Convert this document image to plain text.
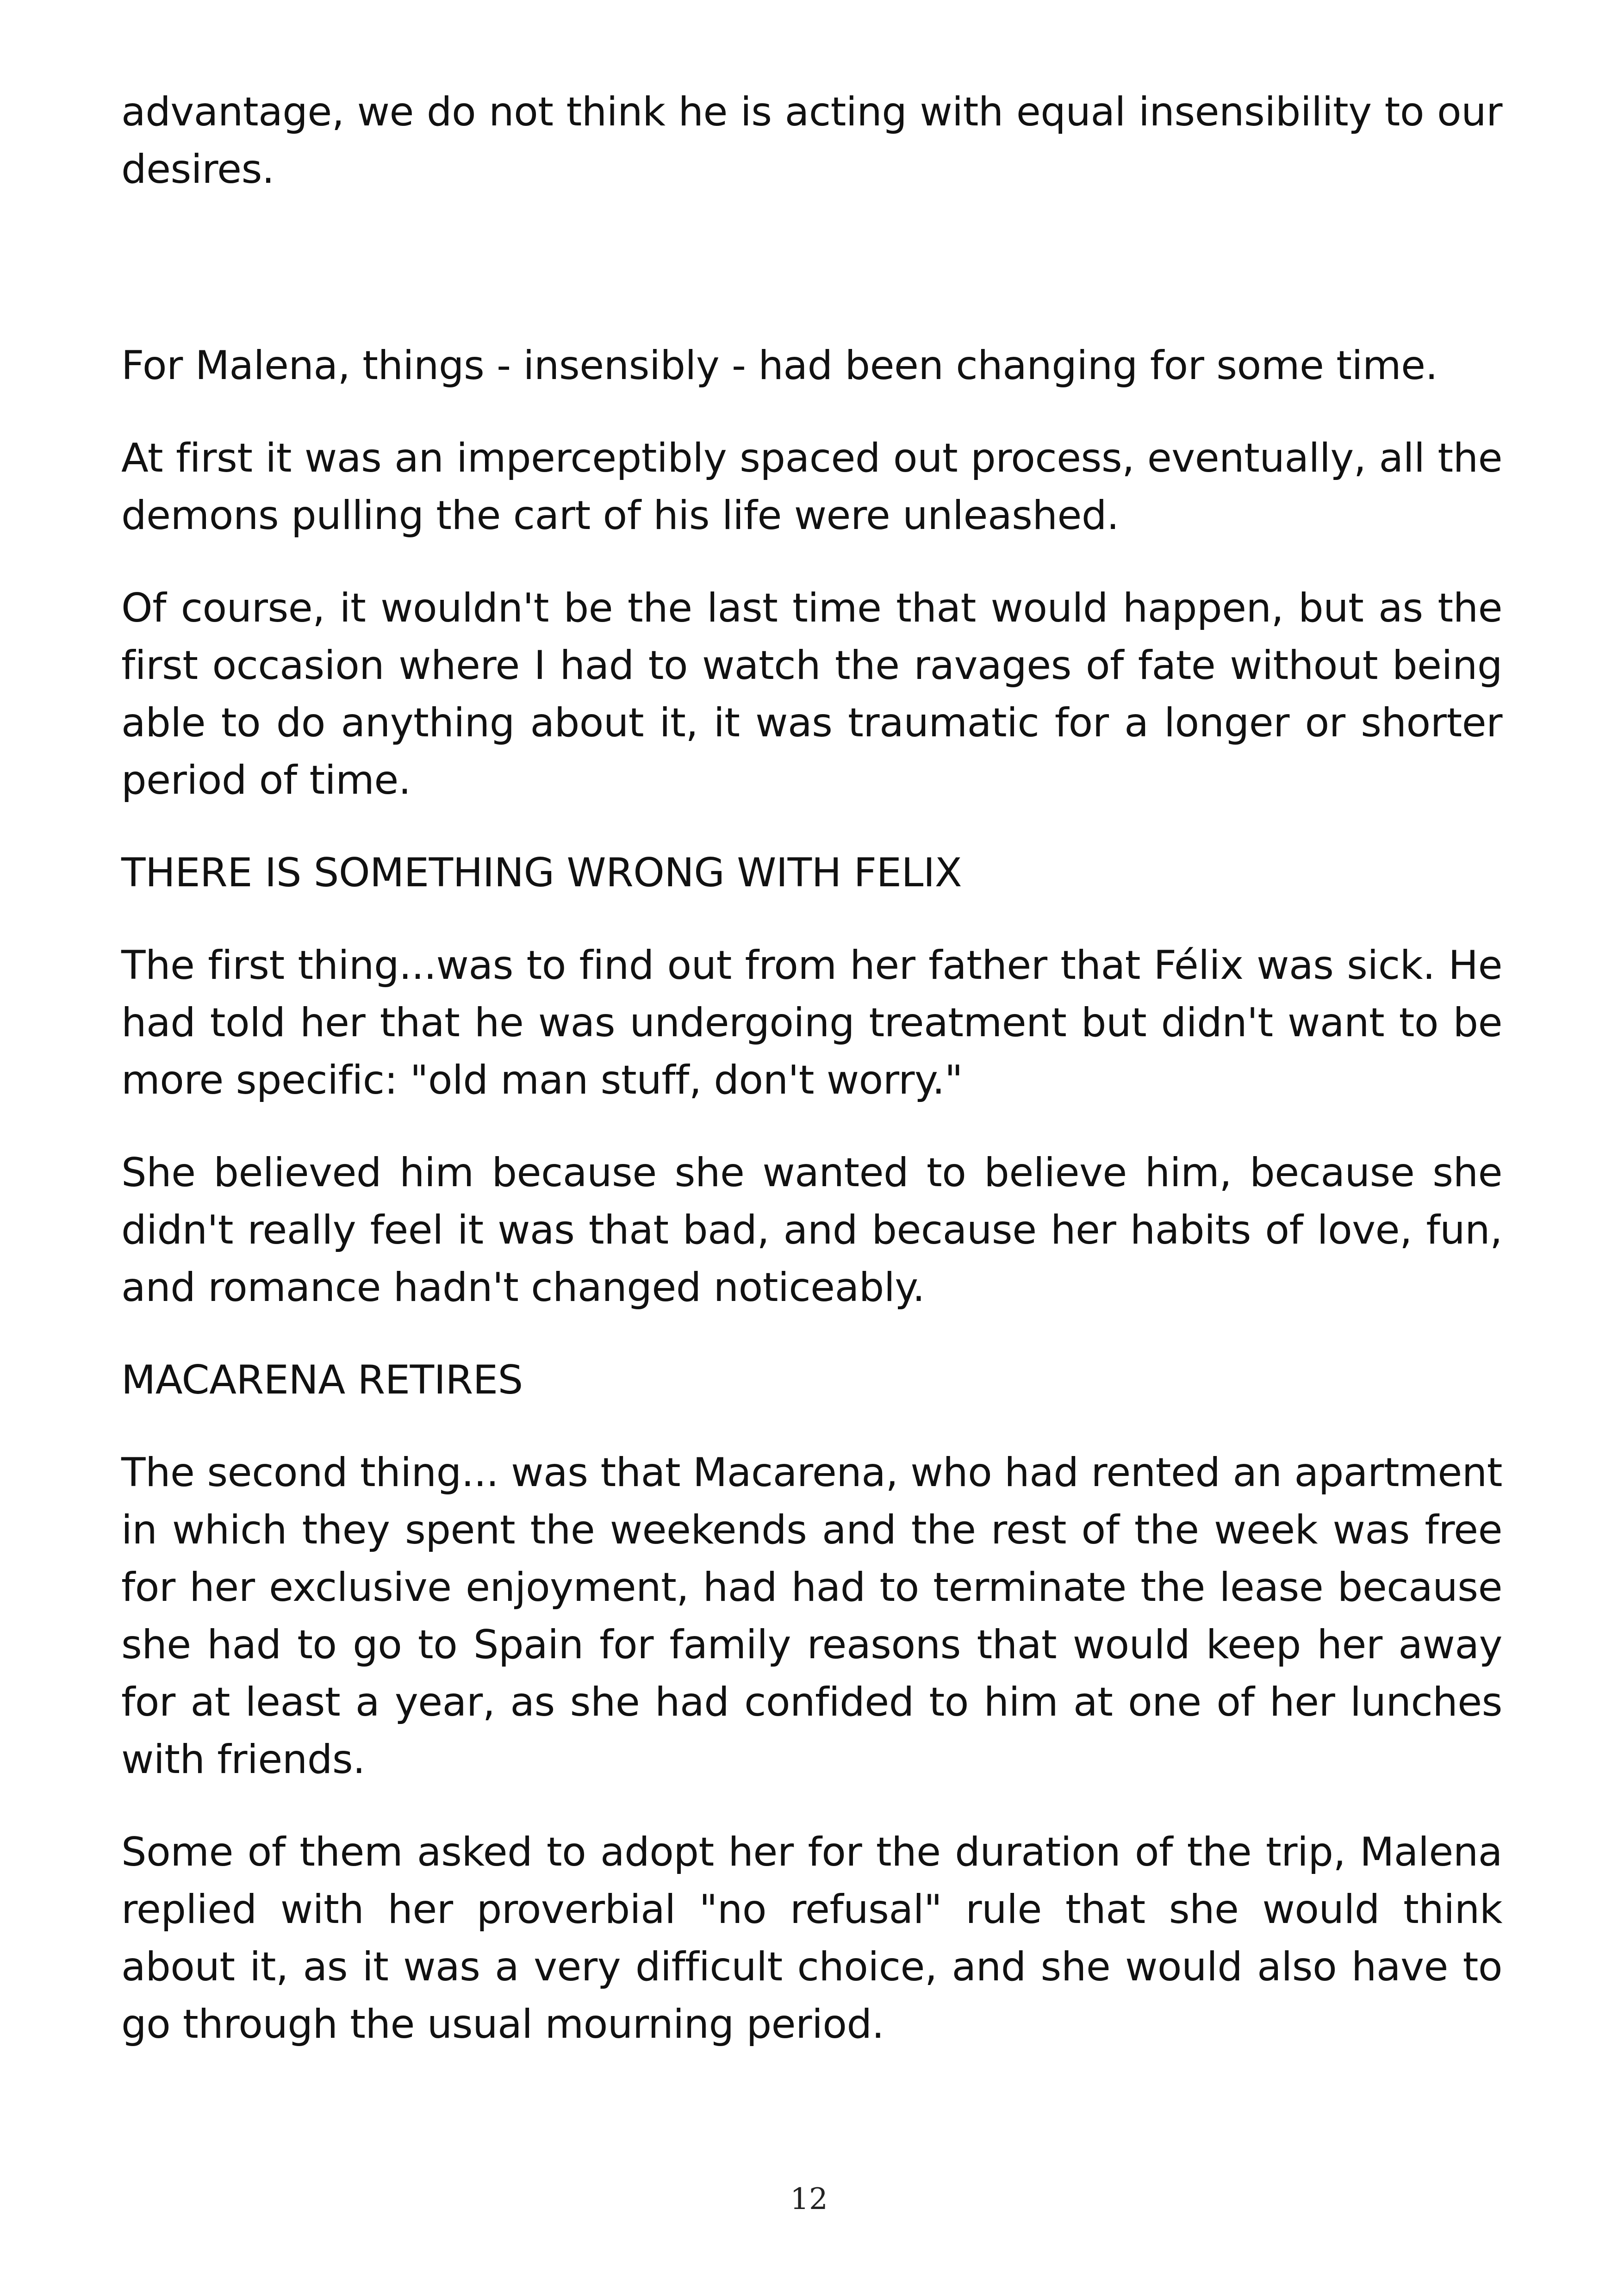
advantage, we do not think he is acting with equal insensibility to our desires.

For Malena, things - insensibly - had been changing for some time.

At first it was an imperceptibly spaced out process, eventually, all the demons pulling the cart of his life were unleashed.

Of course, it wouldn't be the last time that would happen, but as the first occasion where I had to watch the ravages of fate without being able to do anything about it, it was traumatic for a longer or shorter period of time.

THERE IS SOMETHING WRONG WITH FELIX

The first thing...was to find out from her father that Félix was sick. He had told her that he was undergoing treatment but didn't want to be more specific: "old man stuff, don't worry."

She believed him because she wanted to believe him, because she didn't really feel it was that bad, and because her habits of love, fun, and romance hadn't changed noticeably.

MACARENA RETIRES

The second thing... was that Macarena, who had rented an apartment in which they spent the weekends and the rest of the week was free for her exclusive enjoyment, had had to terminate the lease because she had to go to Spain for family reasons that would keep her away for at least a year, as she had confided to him at one of her lunches with friends.

Some of them asked to adopt her for the duration of the trip, Malena replied with her proverbial "no refusal" rule that she would think about it, as it was a very difficult choice, and she would also have to go through the usual mourning period.

12
